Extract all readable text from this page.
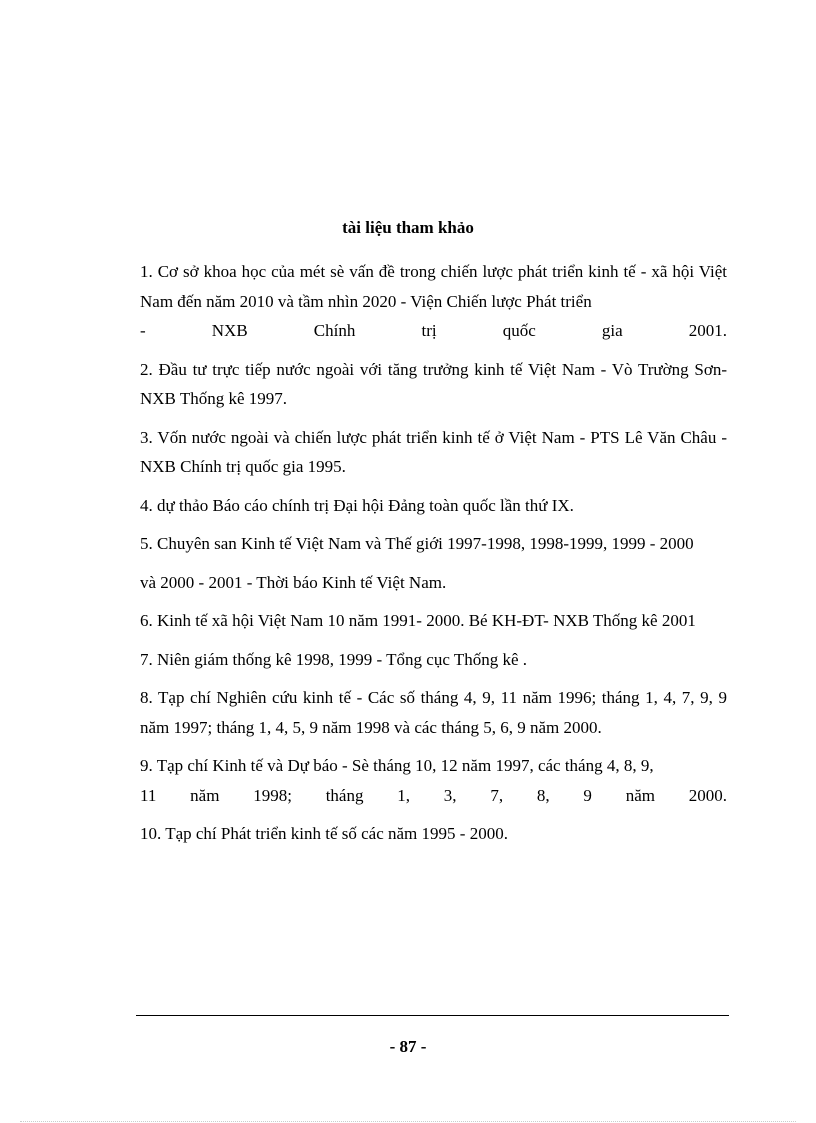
tài liệu tham khảo

1. Cơ sở khoa học của mét sè vấn đề trong chiến lược phát triển kinh tế - xã hội Việt Nam đến năm 2010 và tầm nhìn 2020 - Viện Chiến lược Phát triển
- NXB Chính trị quốc gia 2001.

2. Đầu tư trực tiếp nước ngoài với tăng trưởng kinh tế Việt Nam - Vò Trường Sơn- NXB Thống kê 1997.

3. Vốn nước ngoài và chiến lược phát triển kinh tế ở Việt Nam - PTS Lê Văn Châu - NXB Chính trị quốc gia 1995.

4. dự thảo Báo cáo chính trị Đại hội Đảng toàn quốc lần thứ IX.

5. Chuyên san Kinh tế Việt Nam và Thế giới 1997-1998, 1998-1999, 1999 - 2000

và 2000 - 2001 - Thời báo Kinh tế Việt Nam.

6. Kinh tế xã hội Việt Nam 10 năm 1991- 2000. Bé KH-ĐT- NXB Thống kê 2001

7. Niên giám thống kê 1998, 1999 - Tổng cục Thống kê .

8. Tạp chí Nghiên cứu kinh tế - Các số tháng 4, 9, 11 năm 1996; tháng 1, 4, 7, 9, 9 năm 1997; tháng 1, 4, 5, 9 năm 1998 và các tháng 5, 6, 9 năm 2000.

9. Tạp chí Kinh tế và Dự báo - Sè tháng 10, 12 năm 1997, các tháng 4, 8, 9,
11 năm 1998; tháng 1, 3, 7, 8, 9 năm 2000.

10. Tạp chí Phát triển kinh tế số các năm 1995 - 2000.

- 87 -
